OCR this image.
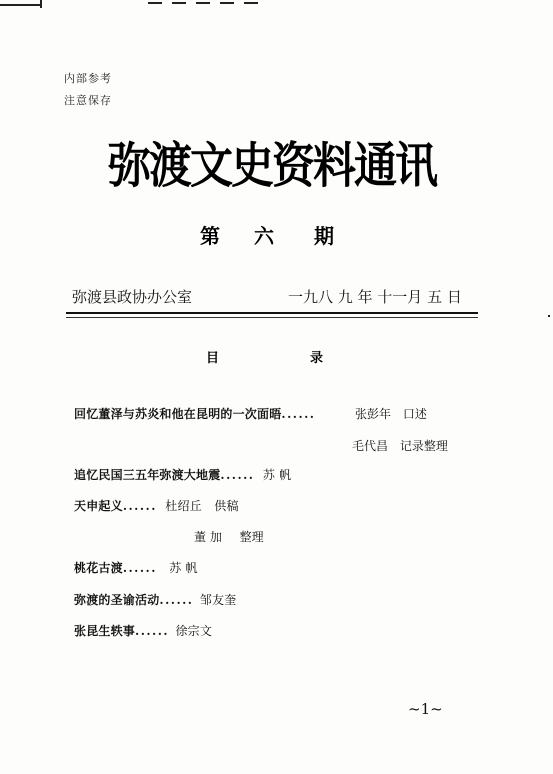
内部参考
注意保存
弥渡文史资料通讯
第 六 期
弥渡县政协办公室	一九八 九 年 十一月 五 日
目	录
回忆董泽与苏炎和他在昆明的一次面晤......	张彭年 口述
毛代昌 记录整理
追忆民国三五年弥渡大地震...... 苏 帆
天申起义...... 杜绍丘 供稿
董 加 整理
桃花古渡...... 苏 帆
弥渡的圣谕活动...... 邹友奎
张昆生轶事...... 徐宗文
~1~
